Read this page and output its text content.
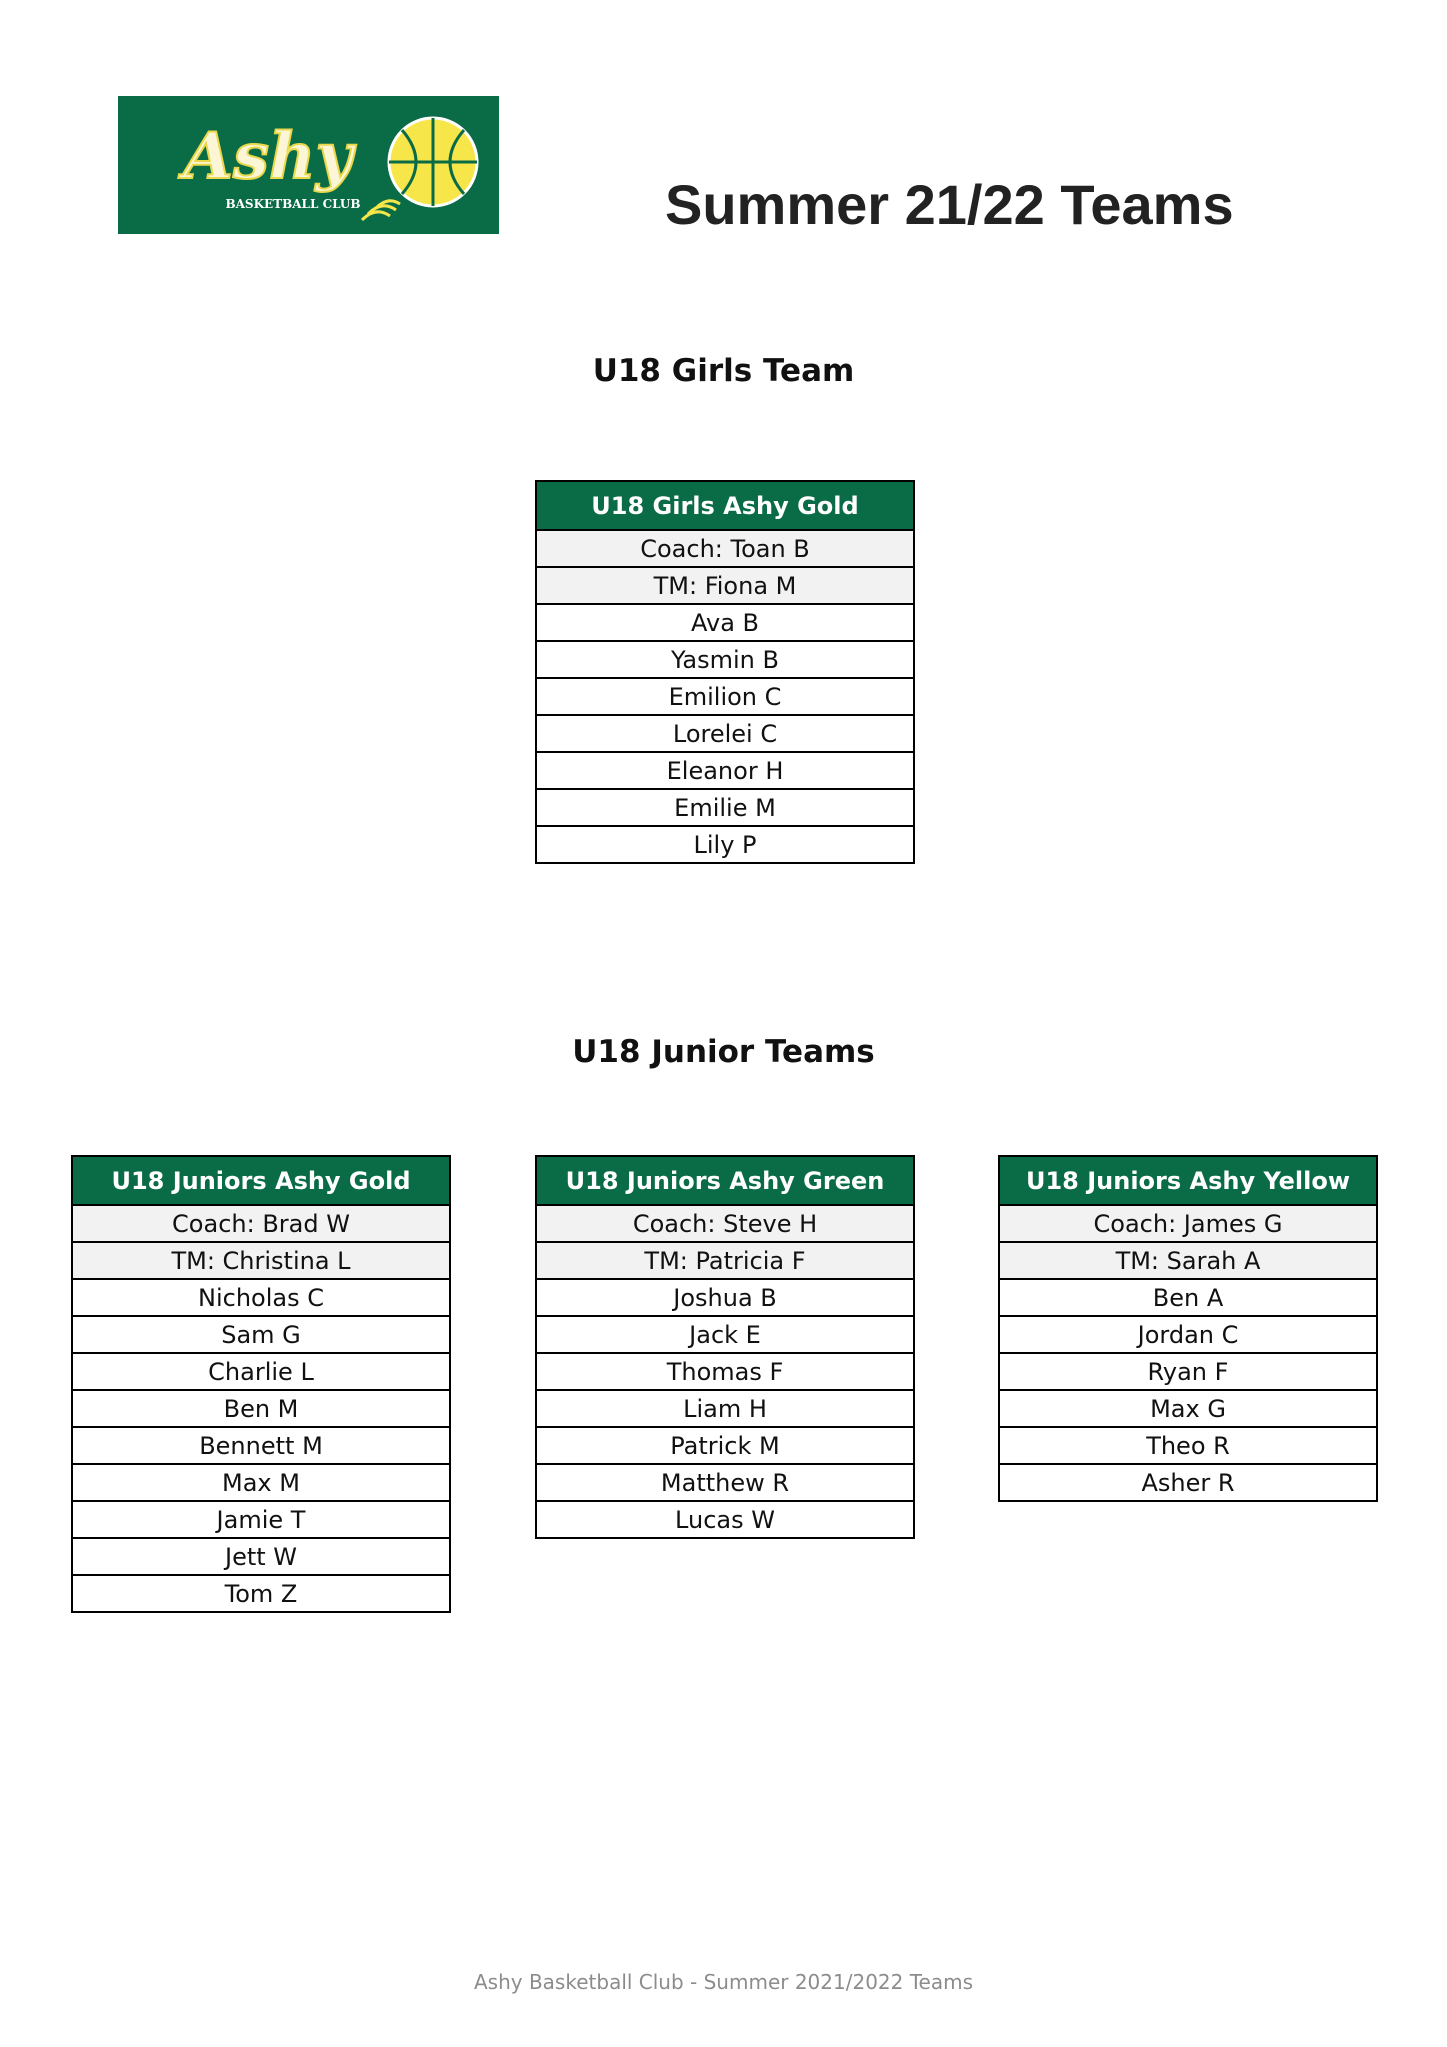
Ashy
BASKETBALL CLUB	Summer 21/22 Teams
U18 Girls Team
U18 Girls Ashy Gold
Coach: Toan B
TM: Fiona M
Ava B
Yasmin B
Emilion C
Lorelei C
Eleanor H
Emilie M
Lily P
U18 Junior Teams
U18 Juniors Ashy Gold
Coach: Brad W
TM: Christina L
Nicholas C
Sam G
Charlie L
Ben M
Bennett M
Max M
Jamie T
Jett W
Tom Z
U18 Juniors Ashy Green
Coach: Steve H
TM: Patricia F
Joshua B
Jack E
Thomas F
Liam H
Patrick M
Matthew R
Lucas W
U18 Juniors Ashy Yellow
Coach: James G
TM: Sarah A
Ben A
Jordan C
Ryan F
Max G
Theo R
Asher R
Ashy Basketball Club - Summer 2021/2022 Teams
